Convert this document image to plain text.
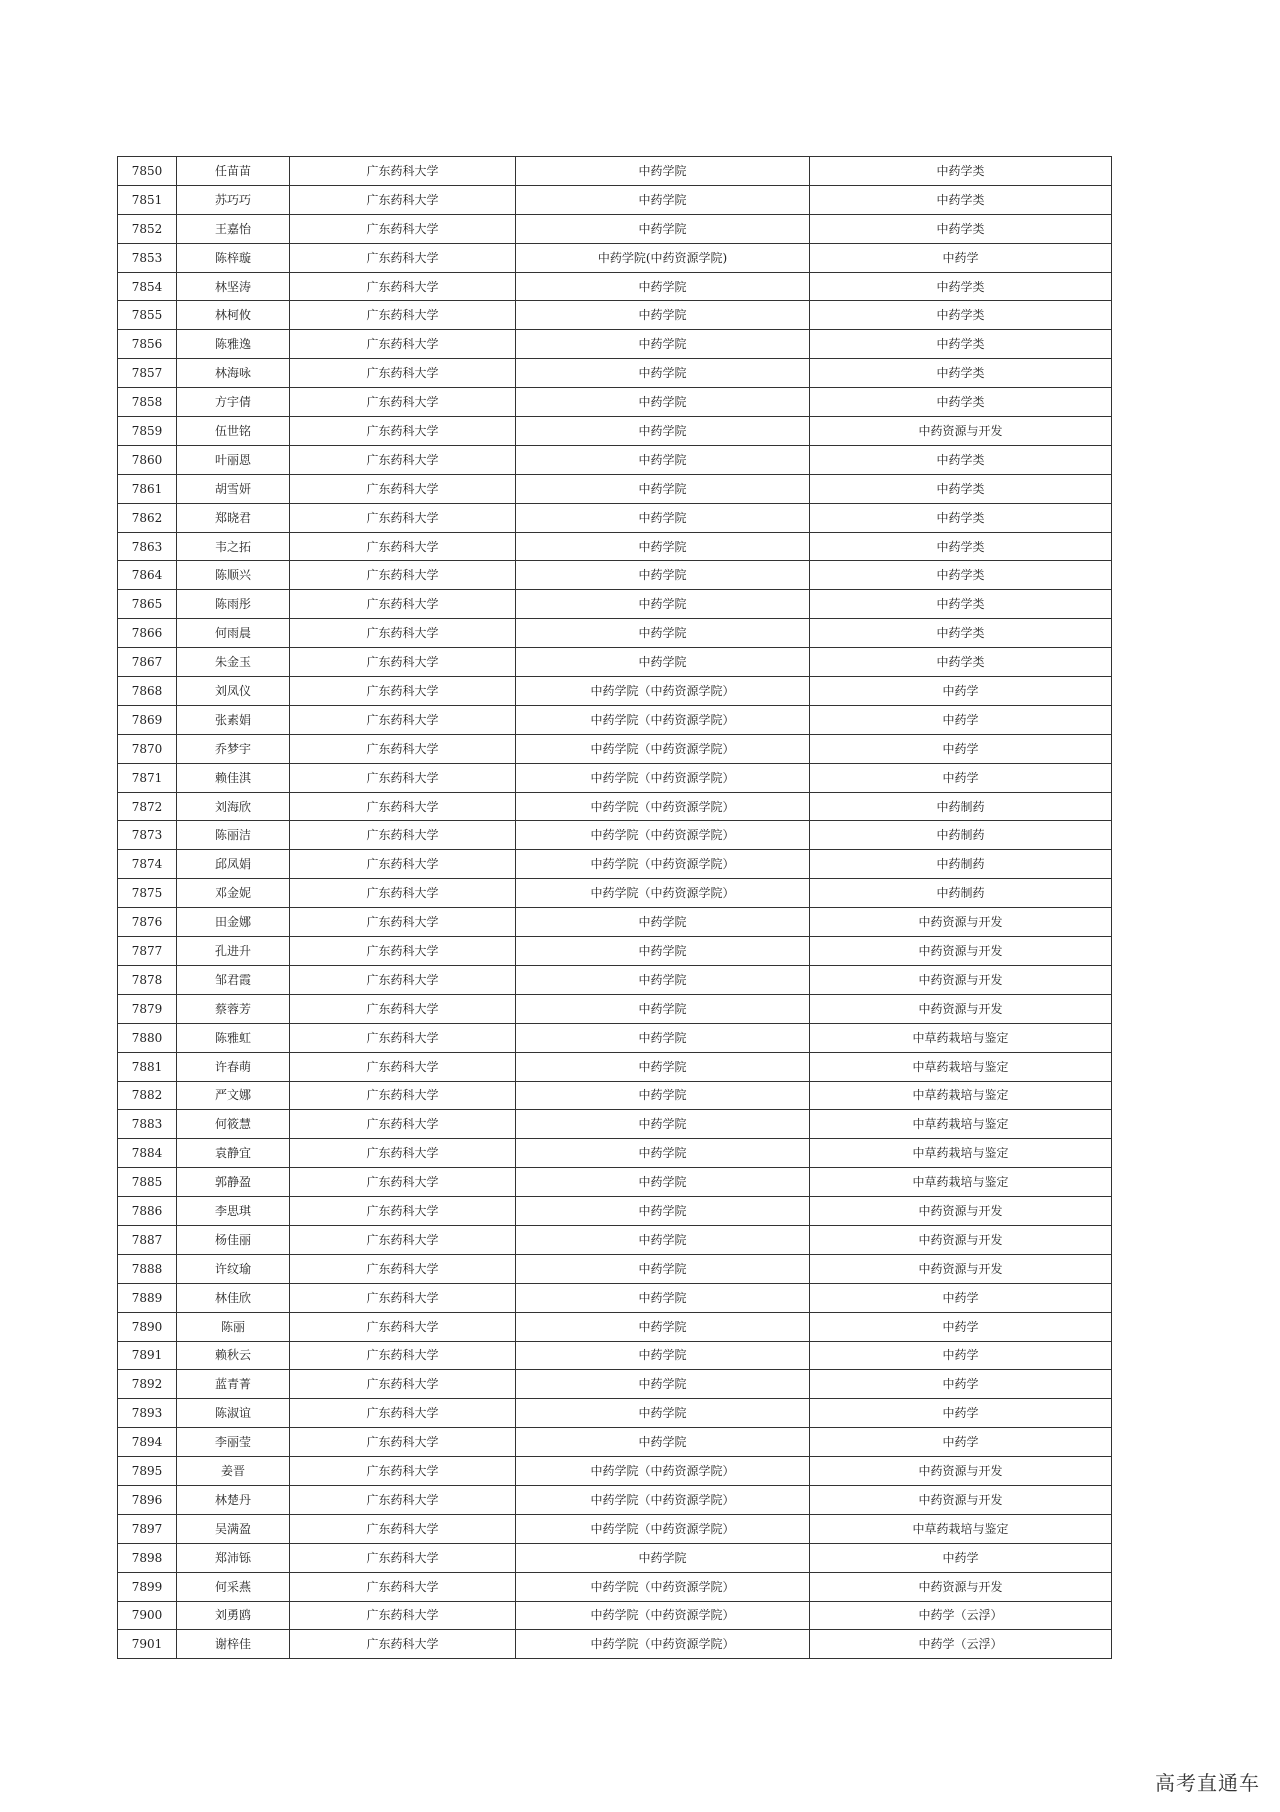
7850	任苗苗	广东药科大学	中药学院	中药学类
7851	苏巧巧	广东药科大学	中药学院	中药学类
7852	王嘉怡	广东药科大学	中药学院	中药学类
7853	陈梓璇	广东药科大学	中药学院(中药资源学院)	中药学
7854	林坚涛	广东药科大学	中药学院	中药学类
7855	林柯攸	广东药科大学	中药学院	中药学类
7856	陈雅逸	广东药科大学	中药学院	中药学类
7857	林海咏	广东药科大学	中药学院	中药学类
7858	方宇倩	广东药科大学	中药学院	中药学类
7859	伍世铭	广东药科大学	中药学院	中药资源与开发
7860	叶丽恩	广东药科大学	中药学院	中药学类
7861	胡雪妍	广东药科大学	中药学院	中药学类
7862	郑晓君	广东药科大学	中药学院	中药学类
7863	韦之拓	广东药科大学	中药学院	中药学类
7864	陈顺兴	广东药科大学	中药学院	中药学类
7865	陈雨彤	广东药科大学	中药学院	中药学类
7866	何雨晨	广东药科大学	中药学院	中药学类
7867	朱金玉	广东药科大学	中药学院	中药学类
7868	刘凤仪	广东药科大学	中药学院（中药资源学院）	中药学
7869	张素娟	广东药科大学	中药学院（中药资源学院）	中药学
7870	乔梦宇	广东药科大学	中药学院（中药资源学院）	中药学
7871	赖佳淇	广东药科大学	中药学院（中药资源学院）	中药学
7872	刘海欣	广东药科大学	中药学院（中药资源学院）	中药制药
7873	陈丽洁	广东药科大学	中药学院（中药资源学院）	中药制药
7874	邱凤娟	广东药科大学	中药学院（中药资源学院）	中药制药
7875	邓金妮	广东药科大学	中药学院（中药资源学院）	中药制药
7876	田金娜	广东药科大学	中药学院	中药资源与开发
7877	孔进升	广东药科大学	中药学院	中药资源与开发
7878	邹君霞	广东药科大学	中药学院	中药资源与开发
7879	蔡蓉芳	广东药科大学	中药学院	中药资源与开发
7880	陈雅虹	广东药科大学	中药学院	中草药栽培与鉴定
7881	许春萌	广东药科大学	中药学院	中草药栽培与鉴定
7882	严文娜	广东药科大学	中药学院	中草药栽培与鉴定
7883	何筱慧	广东药科大学	中药学院	中草药栽培与鉴定
7884	袁静宜	广东药科大学	中药学院	中草药栽培与鉴定
7885	郭静盈	广东药科大学	中药学院	中草药栽培与鉴定
7886	李思琪	广东药科大学	中药学院	中药资源与开发
7887	杨佳丽	广东药科大学	中药学院	中药资源与开发
7888	许纹瑜	广东药科大学	中药学院	中药资源与开发
7889	林佳欣	广东药科大学	中药学院	中药学
7890	陈丽	广东药科大学	中药学院	中药学
7891	赖秋云	广东药科大学	中药学院	中药学
7892	蓝青菁	广东药科大学	中药学院	中药学
7893	陈淑谊	广东药科大学	中药学院	中药学
7894	李丽莹	广东药科大学	中药学院	中药学
7895	姜晋	广东药科大学	中药学院（中药资源学院）	中药资源与开发
7896	林楚丹	广东药科大学	中药学院（中药资源学院）	中药资源与开发
7897	吴满盈	广东药科大学	中药学院（中药资源学院）	中草药栽培与鉴定
7898	郑沛铄	广东药科大学	中药学院	中药学
7899	何采燕	广东药科大学	中药学院（中药资源学院）	中药资源与开发
7900	刘勇鸥	广东药科大学	中药学院（中药资源学院）	中药学（云浮）
7901	谢梓佳	广东药科大学	中药学院（中药资源学院）	中药学（云浮）
高考直通车
